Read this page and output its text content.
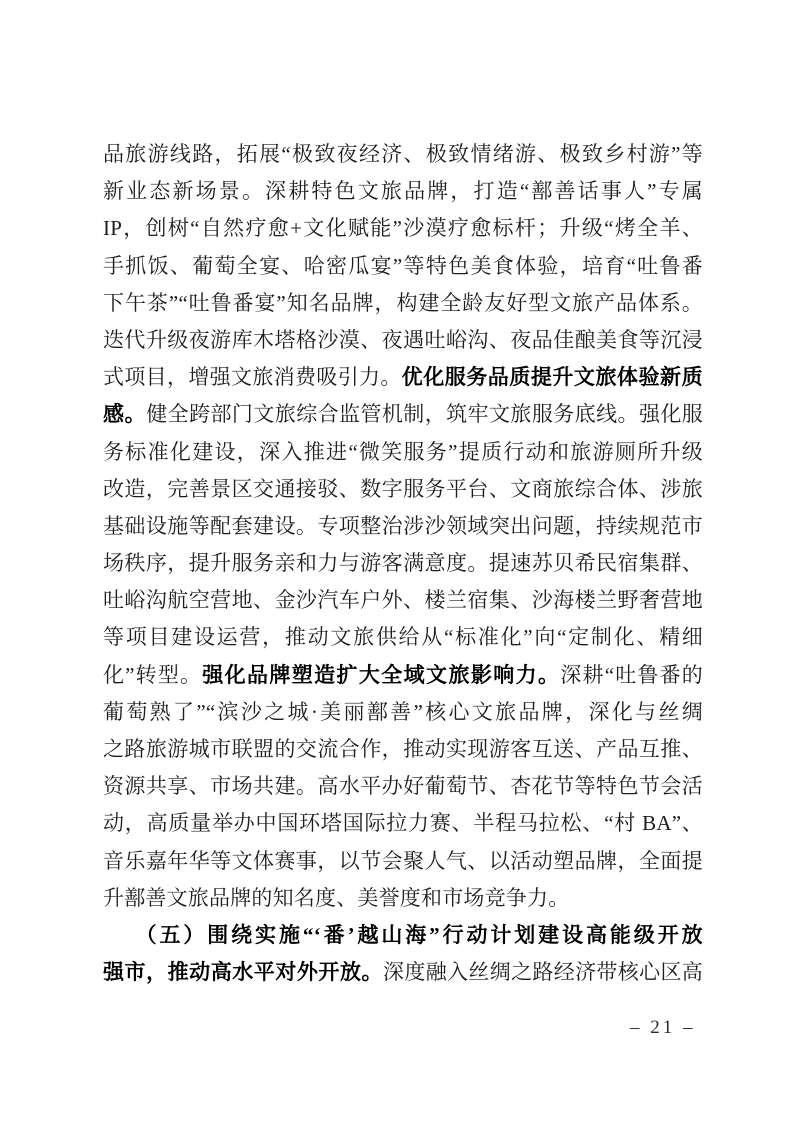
品旅游线路，拓展“极致夜经济、极致情绪游、极致乡村游”等
新业态新场景。深耕特色文旅品牌，打造“鄯善话事人”专属
IP，创树“自然疗愈+文化赋能”沙漠疗愈标杆；升级“烤全羊、
手抓饭、葡萄全宴、哈密瓜宴”等特色美食体验，培育“吐鲁番
下午茶”“吐鲁番宴”知名品牌，构建全龄友好型文旅产品体系。
迭代升级夜游库木塔格沙漠、夜遇吐峪沟、夜品佳酿美食等沉浸
式项目，增强文旅消费吸引力。优化服务品质提升文旅体验新质
感。健全跨部门文旅综合监管机制，筑牢文旅服务底线。强化服
务标准化建设，深入推进“微笑服务”提质行动和旅游厕所升级
改造，完善景区交通接驳、数字服务平台、文商旅综合体、涉旅
基础设施等配套建设。专项整治涉沙领域突出问题，持续规范市
场秩序，提升服务亲和力与游客满意度。提速苏贝希民宿集群、
吐峪沟航空营地、金沙汽车户外、楼兰宿集、沙海楼兰野奢营地
等项目建设运营，推动文旅供给从“标准化”向“定制化、精细
化”转型。强化品牌塑造扩大全域文旅影响力。深耕“吐鲁番的
葡萄熟了”“滨沙之城·美丽鄯善”核心文旅品牌，深化与丝绸
之路旅游城市联盟的交流合作，推动实现游客互送、产品互推、
资源共享、市场共建。高水平办好葡萄节、杏花节等特色节会活
动，高质量举办中国环塔国际拉力赛、半程马拉松、“村 BA”、
音乐嘉年华等文体赛事，以节会聚人气、以活动塑品牌，全面提
升鄯善文旅品牌的知名度、美誉度和市场竞争力。
（五）围绕实施“‘番’越山海”行动计划建设高能级开放
强市，推动高水平对外开放。深度融入丝绸之路经济带核心区高
– 21 –
